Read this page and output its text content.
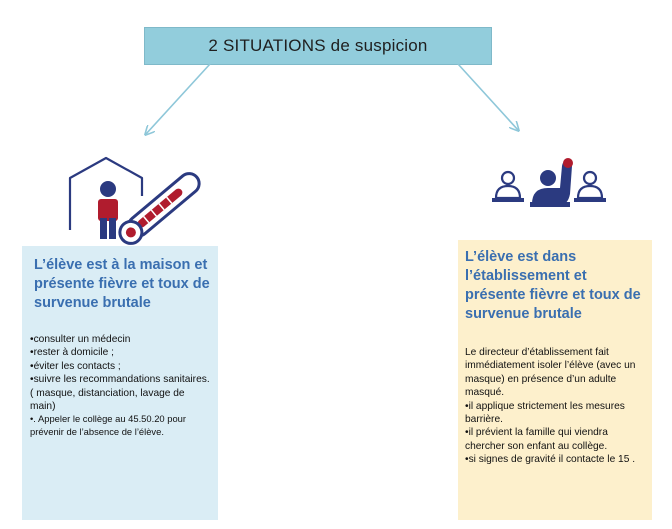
2 SITUATIONS de suspicion
L’élève est à la maison et présente fièvre et toux de survenue brutale
•consulter un médecin
•rester à domicile ;
•éviter les contacts ;
•suivre les recommandations sanitaires.( masque, distanciation, lavage de main)
•. Appeler le collège au 45.50.20 pour prévenir de l’absence de l’élève.
L’élève est dans l’établissement et présente fièvre et toux de survenue brutale
Le directeur d’établissement fait immédiatement isoler l’élève (avec un masque) en présence d’un adulte masqué.
•il applique strictement les mesures barrière.
•il prévient la famille qui viendra chercher son enfant au collège.
•si signes de gravité il contacte le 15 .
